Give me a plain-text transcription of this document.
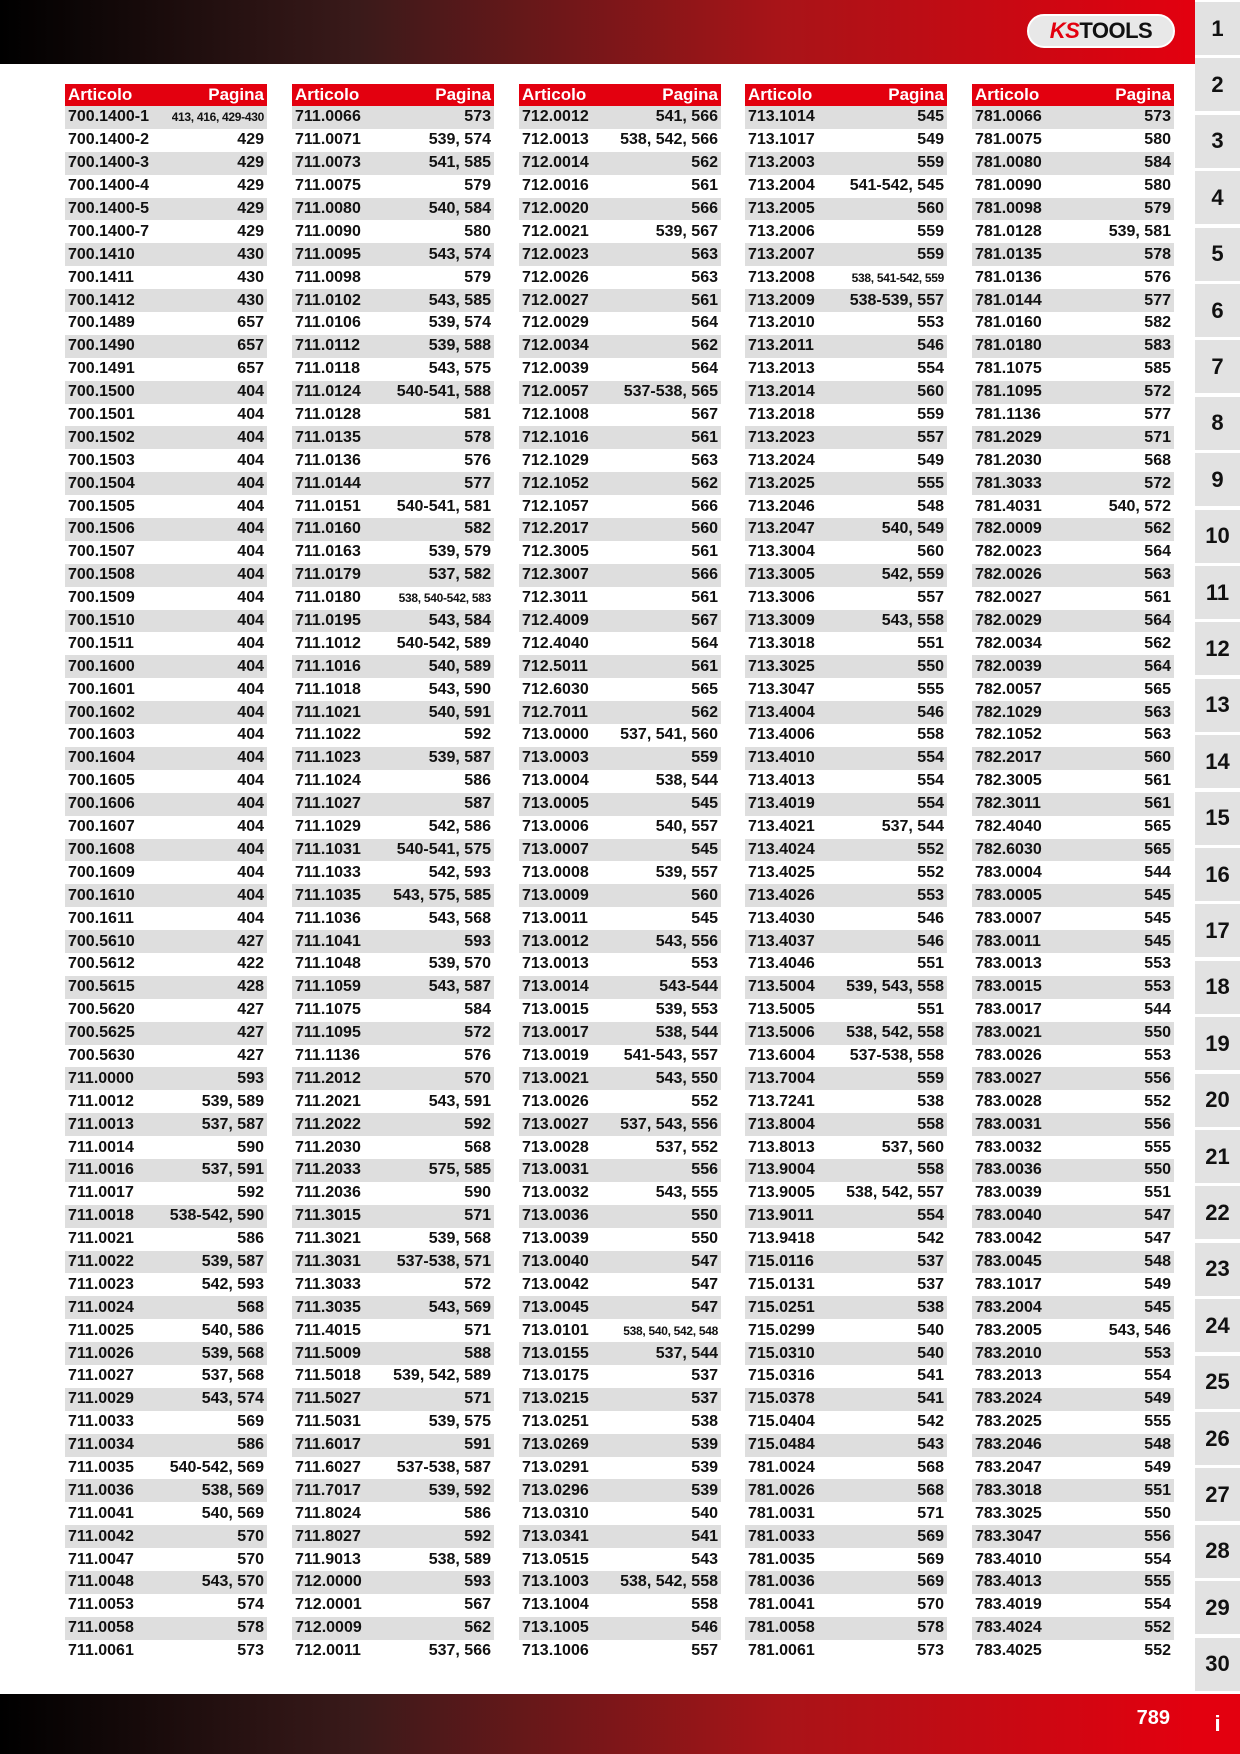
KS TOOLS	1
2
3
4
5
6
7
8
9
10
11
12
13
14
15
16
17
18
19
20
21
22
23
24
25
26
27
28
29
30
i
Articolo	Pagina
700.1400-1 413, 416, 429-430
700.1400-2	429
700.1400-3	429
700.1400-4	429
700.1400-5	429
700.1400-7	429
700.1410	430
700.1411	430
700.1412	430
700.1489	657
700.1490	657
700.1491	657
700.1500	404
700.1501	404
700.1502	404
700.1503	404
700.1504	404
700.1505	404
700.1506	404
700.1507	404
700.1508	404
700.1509	404
700.1510	404
700.1511	404
700.1600	404
700.1601	404
700.1602	404
700.1603	404
700.1604	404
700.1605	404
700.1606	404
700.1607	404
700.1608	404
700.1609	404
700.1610	404
700.1611	404
700.5610	427
700.5612	422
700.5615	428
700.5620	427
700.5625	427
700.5630	427
711.0000	593
711.0012	539, 589
711.0013	537, 587
711.0014	590
711.0016	537, 591
711.0017	592
711.0018 538-542, 590
711.0021	586
711.0022	539, 587
711.0023	542, 593
711.0024	568
711.0025	540, 586
711.0026	539, 568
711.0027	537, 568
711.0029	543, 574
711.0033	569
711.0034	586
711.0035 540-542, 569
711.0036	538, 569
711.0041	540, 569
711.0042	570
711.0047	570
711.0048	543, 570
711.0053	574
711.0058	578
711.0061	573
Articolo	Pagina
711.0066	573
711.0071	539, 574
711.0073	541, 585
711.0075	579
711.0080	540, 584
711.0090	580
711.0095	543, 574
711.0098	579
711.0102	543, 585
711.0106	539, 574
711.0112	539, 588
711.0118	543, 575
711.0124 540-541, 588
711.0128	581
711.0135	578
711.0136	576
711.0144	577
711.0151 540-541, 581
711.0160	582
711.0163	539, 579
711.0179	537, 582
711.0180	538, 540-542, 583
711.0195	543, 584
711.1012 540-542, 589
711.1016	540, 589
711.1018	543, 590
711.1021	540, 591
711.1022	592
711.1023	539, 587
711.1024	586
711.1027	587
711.1029	542, 586
711.1031 540-541, 575
711.1033	542, 593
711.1035 543, 575, 585
711.1036	543, 568
711.1041	593
711.1048	539, 570
711.1059	543, 587
711.1075	584
711.1095	572
711.1136	576
711.2012	570
711.2021	543, 591
711.2022	592
711.2030	568
711.2033	575, 585
711.2036	590
711.3015	571
711.3021	539, 568
711.3031 537-538, 571
711.3033	572
711.3035	543, 569
711.4015	571
711.5009	588
711.5018 539, 542, 589
711.5027	571
711.5031	539, 575
711.6017	591
711.6027 537-538, 587
711.7017	539, 592
711.8024	586
711.8027	592
711.9013	538, 589
712.0000	593
712.0001	567
712.0009	562
712.0011	537, 566
Articolo	Pagina
712.0012	541, 566
712.0013 538, 542, 566
712.0014	562
712.0016	561
712.0020	566
712.0021	539, 567
712.0023	563
712.0026	563
712.0027	561
712.0029	564
712.0034	562
712.0039	564
712.0057 537-538, 565
712.1008	567
712.1016	561
712.1029	563
712.1052	562
712.1057	566
712.2017	560
712.3005	561
712.3007	566
712.3011	561
712.4009	567
712.4040	564
712.5011	561
712.6030	565
712.7011	562
713.0000 537, 541, 560
713.0003	559
713.0004	538, 544
713.0005	545
713.0006	540, 557
713.0007	545
713.0008	539, 557
713.0009	560
713.0011	545
713.0012	543, 556
713.0013	553
713.0014	543-544
713.0015	539, 553
713.0017	538, 544
713.0019 541-543, 557
713.0021	543, 550
713.0026	552
713.0027 537, 543, 556
713.0028	537, 552
713.0031	556
713.0032	543, 555
713.0036	550
713.0039	550
713.0040	547
713.0042	547
713.0045	547
713.0101	538, 540, 542, 548
713.0155	537, 544
713.0175	537
713.0215	537
713.0251	538
713.0269	539
713.0291	539
713.0296	539
713.0310	540
713.0341	541
713.0515	543
713.1003 538, 542, 558
713.1004	558
713.1005	546
713.1006	557
Articolo	Pagina
713.1014	545
713.1017	549
713.2003	559
713.2004 541-542, 545
713.2005	560
713.2006	559
713.2007	559
713.2008	538, 541-542, 559
713.2009 538-539, 557
713.2010	553
713.2011	546
713.2013	554
713.2014	560
713.2018	559
713.2023	557
713.2024	549
713.2025	555
713.2046	548
713.2047	540, 549
713.3004	560
713.3005	542, 559
713.3006	557
713.3009	543, 558
713.3018	551
713.3025	550
713.3047	555
713.4004	546
713.4006	558
713.4010	554
713.4013	554
713.4019	554
713.4021	537, 544
713.4024	552
713.4025	552
713.4026	553
713.4030	546
713.4037	546
713.4046	551
713.5004 539, 543, 558
713.5005	551
713.5006 538, 542, 558
713.6004 537-538, 558
713.7004	559
713.7241	538
713.8004	558
713.8013	537, 560
713.9004	558
713.9005 538, 542, 557
713.9011	554
713.9418	542
715.0116	537
715.0131	537
715.0251	538
715.0299	540
715.0310	540
715.0316	541
715.0378	541
715.0404	542
715.0484	543
781.0024	568
781.0026	568
781.0031	571
781.0033	569
781.0035	569
781.0036	569
781.0041	570
781.0058	578
781.0061	573
Articolo	Pagina
781.0066	573
781.0075	580
781.0080	584
781.0090	580
781.0098	579
781.0128	539, 581
781.0135	578
781.0136	576
781.0144	577
781.0160	582
781.0180	583
781.1075	585
781.1095	572
781.1136	577
781.2029	571
781.2030	568
781.3033	572
781.4031	540, 572
782.0009	562
782.0023	564
782.0026	563
782.0027	561
782.0029	564
782.0034	562
782.0039	564
782.0057	565
782.1029	563
782.1052	563
782.2017	560
782.3005	561
782.3011	561
782.4040	565
782.6030	565
783.0004	544
783.0005	545
783.0007	545
783.0011	545
783.0013	553
783.0015	553
783.0017	544
783.0021	550
783.0026	553
783.0027	556
783.0028	552
783.0031	556
783.0032	555
783.0036	550
783.0039	551
783.0040	547
783.0042	547
783.0045	548
783.1017	549
783.2004	545
783.2005	543, 546
783.2010	553
783.2013	554
783.2024	549
783.2025	555
783.2046	548
783.2047	549
783.3018	551
783.3025	550
783.3047	556
783.4010	554
783.4013	555
783.4019	554
783.4024	552
783.4025	552
789
